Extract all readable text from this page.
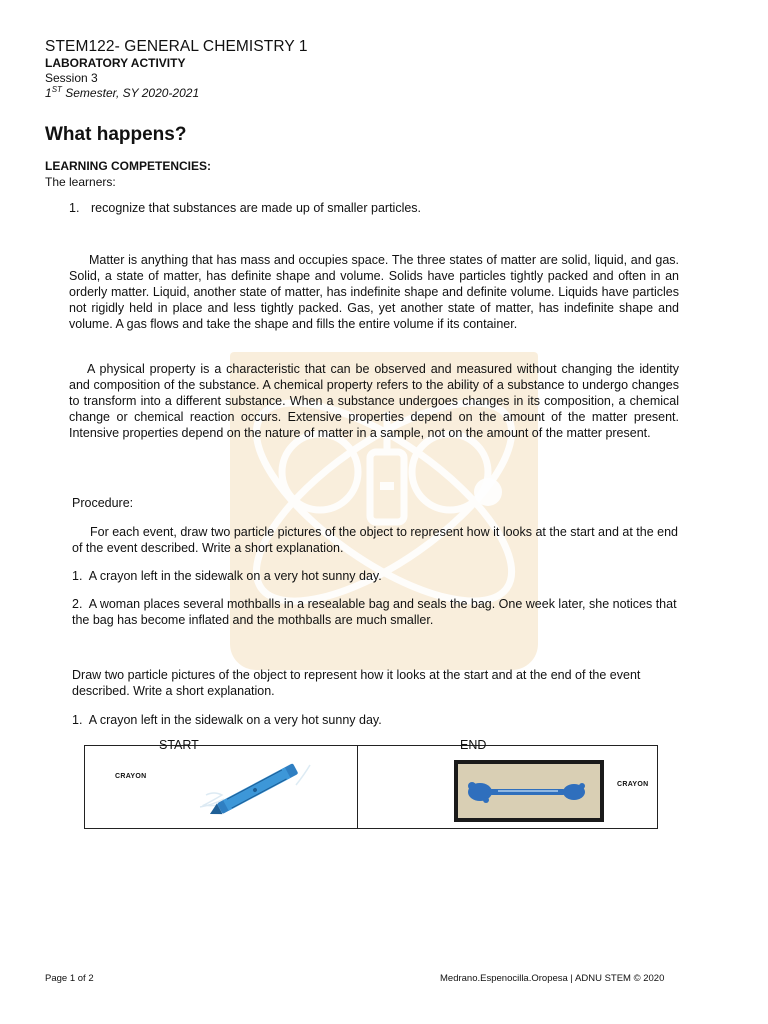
STEM122- GENERAL CHEMISTRY 1
LABORATORY ACTIVITY
Session 3
1ST Semester, SY 2020-2021
What happens?
LEARNING COMPETENCIES:
The learners:
1. recognize that substances are made up of smaller particles.

Matter is anything that has mass and occupies space. The three states of matter are solid, liquid, and gas. Solid, a state of matter, has definite shape and volume. Solids have particles tightly packed and often in an orderly matter. Liquid, another state of matter, has indefinite shape and definite volume. Liquids have particles not rigidly held in place and less tightly packed. Gas, yet another state of matter, has indefinite shape and volume. A gas flows and take the shape and fills the entire volume if its container.

A physical property is a characteristic that can be observed and measured without changing the identity and composition of the substance. A chemical property refers to the ability of a substance to undergo changes to transform into a different substance. When a substance undergoes changes in its composition, a chemical change or chemical reaction occurs. Extensive properties depend on the amount of the matter present. Intensive properties depend on the nature of matter in a sample, not on the amount of the matter present.

Procedure:

For each event, draw two particle pictures of the object to represent how it looks at the start and at the end of the event described. Write a short explanation.

1. A crayon left in the sidewalk on a very hot sunny day.

2. A woman places several mothballs in a resealable bag and seals the bag. One week later, she notices that the bag has become inflated and the mothballs are much smaller.

Draw two particle pictures of the object to represent how it looks at the start and at the end of the event described. Write a short explanation.

1. A crayon left in the sidewalk on a very hot sunny day.

START	END
CRAYON
CRAYON
Page 1 of 2	Medrano.Espenocilla.Oropesa | ADNU STEM © 2020
